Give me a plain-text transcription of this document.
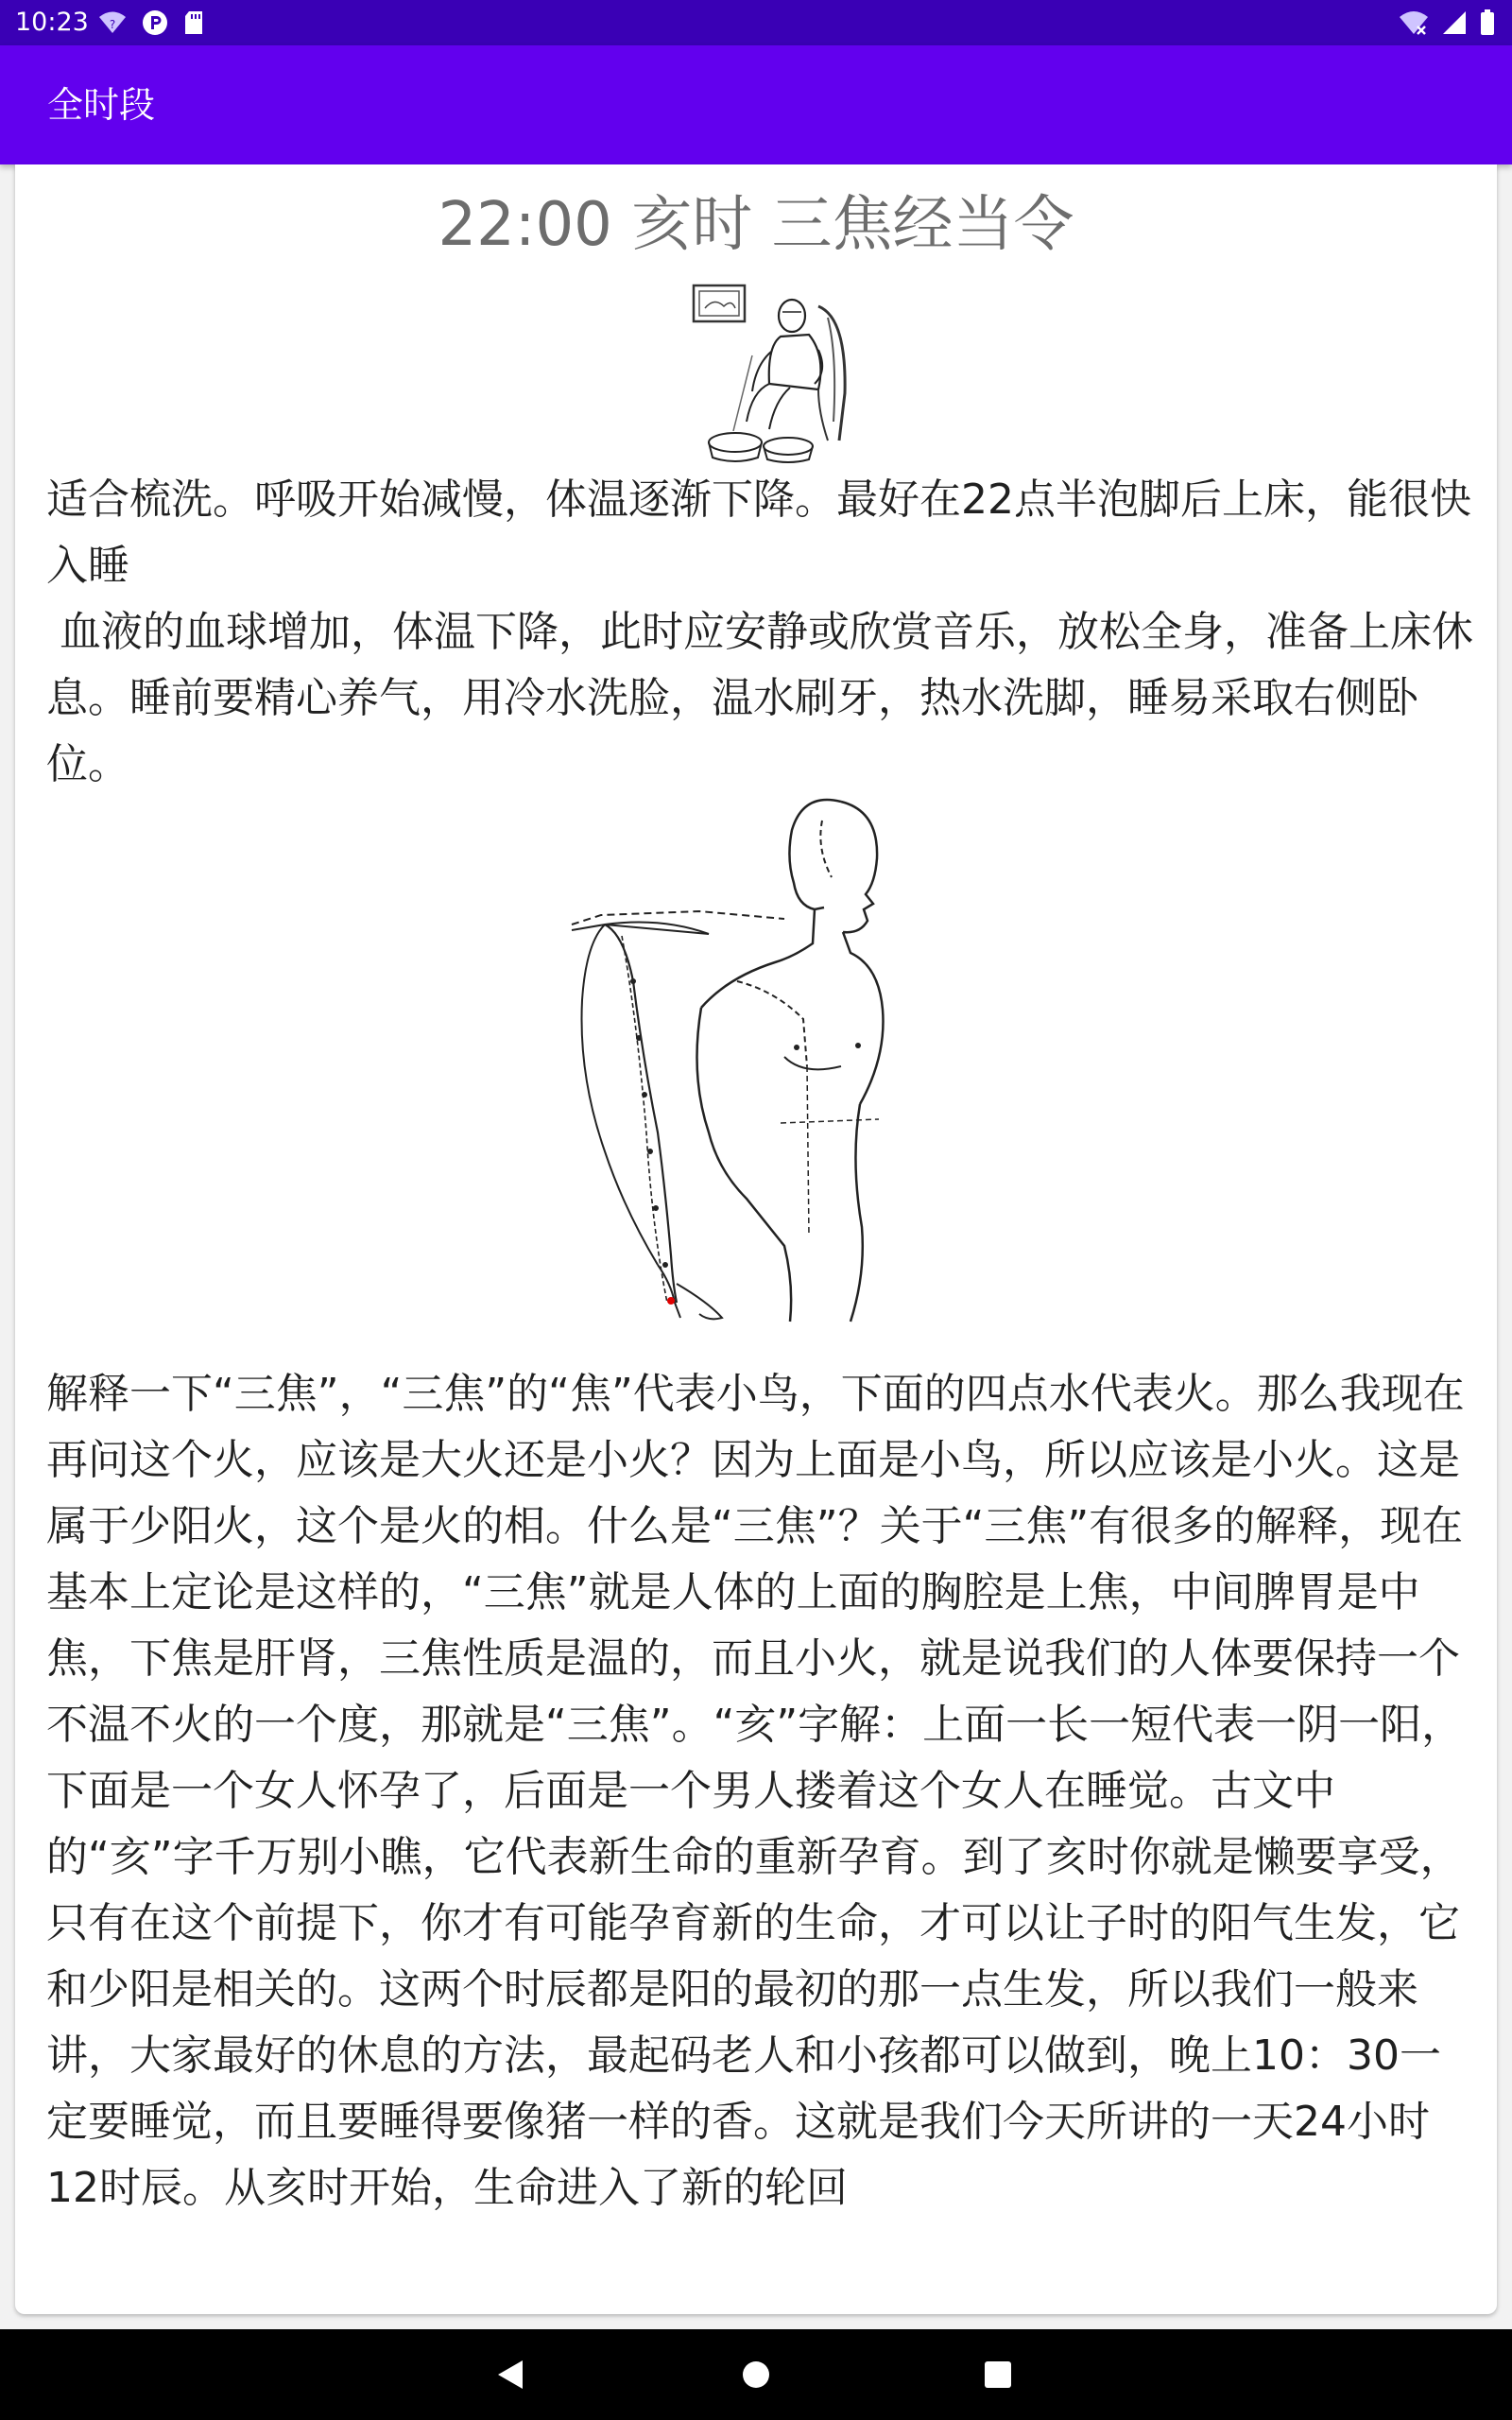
10:23 ?
全时段
22:00 亥时 三焦经当令

适合梳洗。呼吸开始减慢，体温逐渐下降。最好在22点半泡脚后上床，能很快入睡
血液的血球增加，体温下降，此时应安静或欣赏音乐，放松全身，准备上床休息。睡前要精心养气，用冷水洗脸，温水刷牙，热水洗脚，睡易采取右侧卧位。

解释一下“三焦”，“三焦”的“焦”代表小鸟，下面的四点水代表火。那么我现在再问这个火，应该是大火还是小火？因为上面是小鸟，所以应该是小火。这是属于少阳火，这个是火的相。什么是“三焦”？关于“三焦”有很多的解释，现在基本上定论是这样的，“三焦”就是人体的上面的胸腔是上焦，中间脾胃是中焦，下焦是肝肾，三焦性质是温的，而且小火，就是说我们的人体要保持一个不温不火的一个度，那就是“三焦”。“亥”字解：上面一长一短代表一阴一阳，下面是一个女人怀孕了，后面是一个男人搂着这个女人在睡觉。古文中的“亥”字千万别小瞧，它代表新生命的重新孕育。到了亥时你就是懒要享受，只有在这个前提下，你才有可能孕育新的生命，才可以让子时的阳气生发，它和少阳是相关的。这两个时辰都是阳的最初的那一点生发，所以我们一般来讲，大家最好的休息的方法，最起码老人和小孩都可以做到，晚上10：30一定要睡觉，而且要睡得要像猪一样的香。这就是我们今天所讲的一天24小时12时辰。从亥时开始，生命进入了新的轮回
